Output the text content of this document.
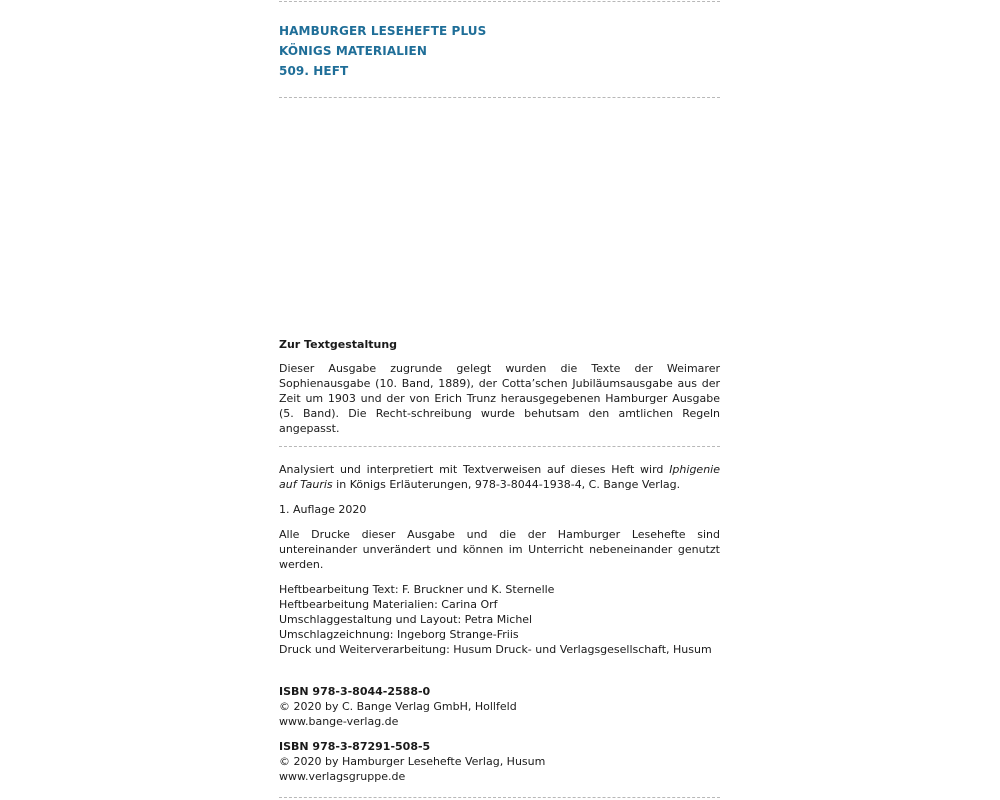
HAMBURGER LESEHEFTE PLUS
KÖNIGS MATERIALIEN
509. HEFT

Zur Textgestaltung

Dieser Ausgabe zugrunde gelegt wurden die Texte der Weimarer Sophienausgabe (10. Band, 1889), der Cotta’schen Jubiläumsausgabe aus der Zeit um 1903 und der von Erich Trunz herausgegebenen Hamburger Ausgabe (5. Band). Die Recht-schreibung wurde behutsam den amtlichen Regeln angepasst.

Analysiert und interpretiert mit Textverweisen auf dieses Heft wird Iphigenie auf Tauris in Königs Erläuterungen, 978-3-8044-1938-4, C. Bange Verlag.

1. Auflage 2020

Alle Drucke dieser Ausgabe und die der Hamburger Lesehefte sind untereinander unverändert und können im Unterricht nebeneinander genutzt werden.

Heftbearbeitung Text: F. Bruckner und K. Sternelle

Heftbearbeitung Materialien: Carina Orf

Umschlaggestaltung und Layout: Petra Michel

Umschlagzeichnung: Ingeborg Strange-Friis

Druck und Weiterverarbeitung: Husum Druck- und Verlagsgesellschaft, Husum

ISBN 978-3-8044-2588-0

© 2020 by C. Bange Verlag GmbH, Hollfeld

www.bange-verlag.de

ISBN 978-3-87291-508-5

© 2020 by Hamburger Lesehefte Verlag, Husum

www.verlagsgruppe.de
